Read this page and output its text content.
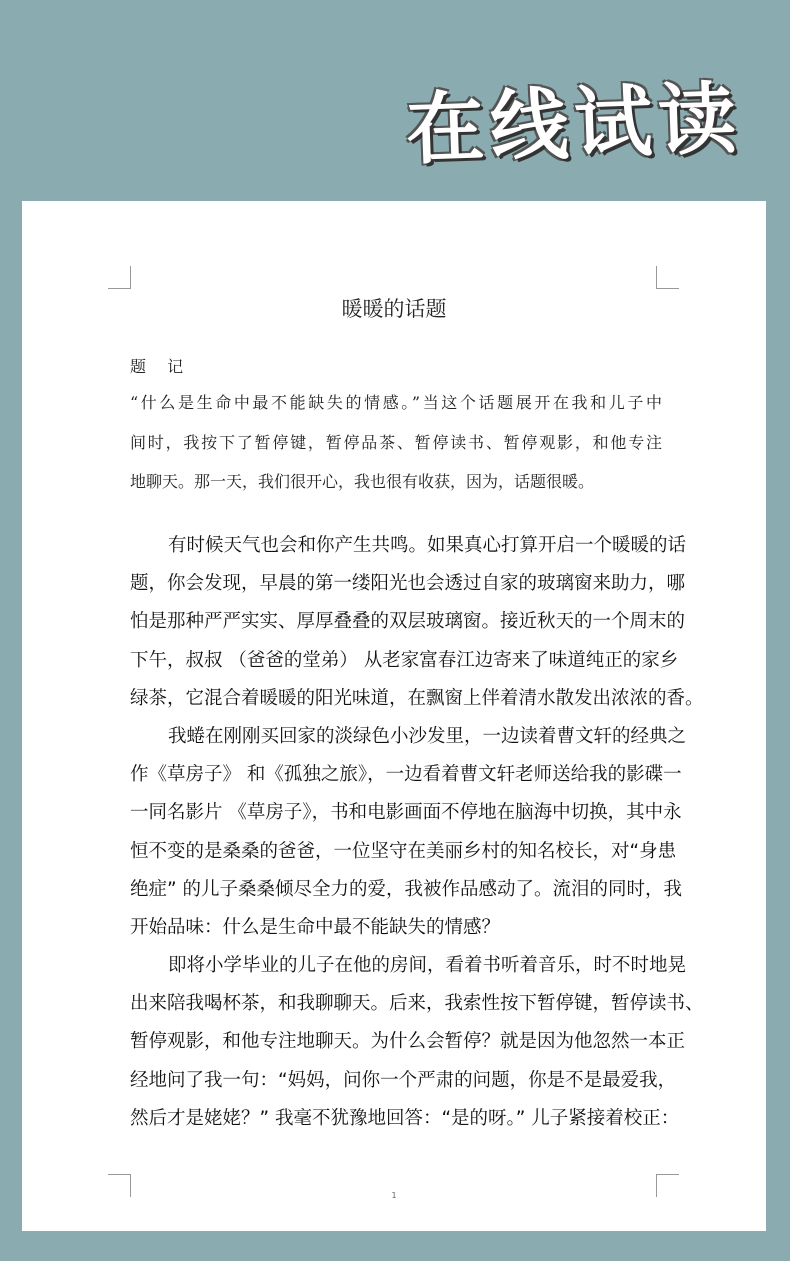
在线试读
暖暖的话题
题 记
“什么是生命中最不能缺失的情感。”当这个话题展开在我和儿子中
间时，我按下了暂停键，暂停品茶、暂停读书、暂停观影，和他专注
地聊天。那一天，我们很开心，我也很有收获，因为，话题很暖。
有时候天气也会和你产生共鸣。如果真心打算开启一个暖暖的话
题，你会发现，早晨的第一缕阳光也会透过自家的玻璃窗来助力，哪
怕是那种严严实实、厚厚叠叠的双层玻璃窗。接近秋天的一个周末的
下午，叔叔 （爸爸的堂弟） 从老家富春江边寄来了味道纯正的家乡
绿茶，它混合着暖暖的阳光味道，在飘窗上伴着清水散发出浓浓的香。
我蜷在刚刚买回家的淡绿色小沙发里，一边读着曹文轩的经典之
作《草房子》 和《孤独之旅》，一边看着曹文轩老师送给我的影碟一
一同名影片 《草房子》，书和电影画面不停地在脑海中切换，其中永
恒不变的是桑桑的爸爸，一位坚守在美丽乡村的知名校长，对“身患
绝症” 的儿子桑桑倾尽全力的爱，我被作品感动了。流泪的同时，我
开始品味：什么是生命中最不能缺失的情感？
即将小学毕业的儿子在他的房间，看着书听着音乐，时不时地晃
出来陪我喝杯茶，和我聊聊天。后来，我索性按下暂停键，暂停读书、
暂停观影，和他专注地聊天。为什么会暂停？就是因为他忽然一本正
经地问了我一句：“妈妈，问你一个严肃的问题，你是不是最爱我，
然后才是姥姥？” 我毫不犹豫地回答：“是的呀。” 儿子紧接着校正：
1
